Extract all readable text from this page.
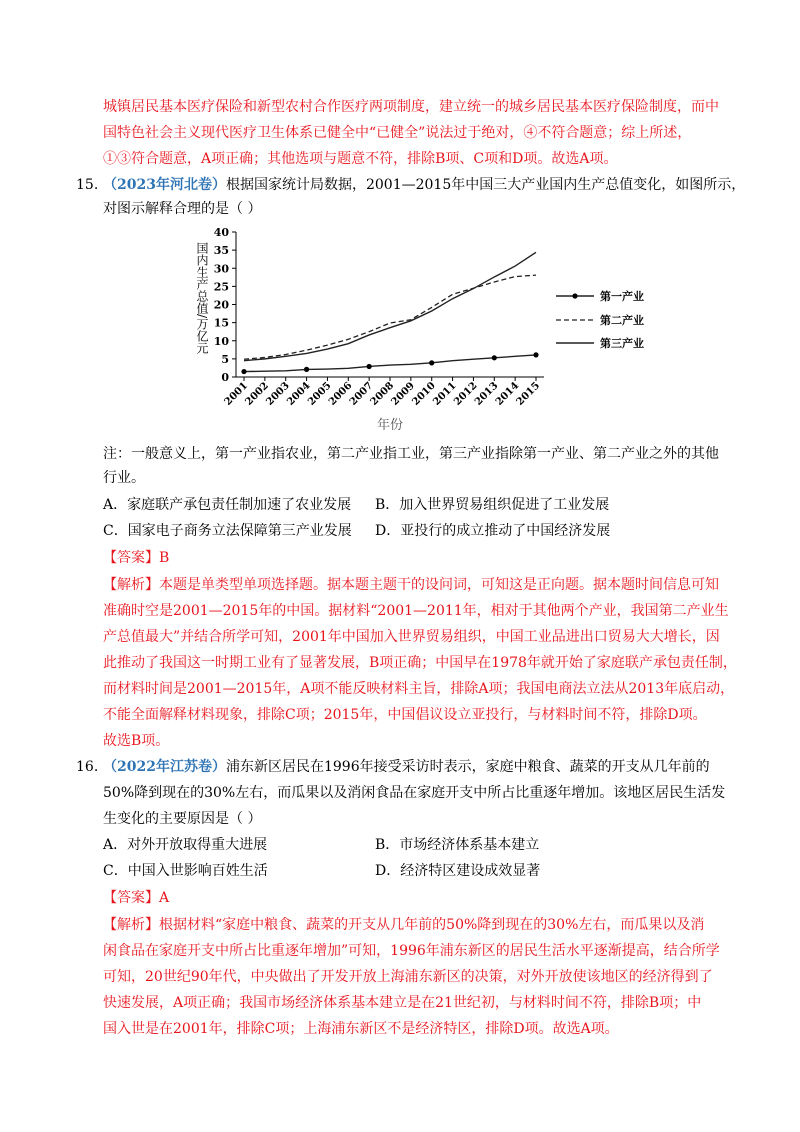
城镇居民基本医疗保险和新型农村合作医疗两项制度，建立统一的城乡居民基本医疗保险制度，而中
国特色社会主义现代医疗卫生体系已健全中“已健全”说法过于绝对，④不符合题意；综上所述，
①③符合题意，A项正确；其他选项与题意不符，排除B项、C项和D项。故选A项。
15. （2023年河北卷）根据国家统计局数据，2001—2015年中国三大产业国内生产总值变化，如图所示，
对图示解释合理的是（ ）
0
5
10
15
20
25
30
35
40
2001
2002
2003
2004
2005
2006
2007
2008
2009
2010
2011
2012
2013
2014
2015
国内生产总值/万亿元
年份
第一产业
第二产业
第三产业
注：一般意义上，第一产业指农业，第二产业指工业，第三产业指除第一产业、第二产业之外的其他
行业。
A．家庭联产承包责任制加速了农业发展 B．加入世界贸易组织促进了工业发展
C．国家电子商务立法保障第三产业发展 D．亚投行的成立推动了中国经济发展
【答案】B
【解析】本题是单类型单项选择题。据本题主题干的设问词，可知这是正向题。据本题时间信息可知
准确时空是2001—2015年的中国。据材料“2001—2011年，相对于其他两个产业，我国第二产业生
产总值最大”并结合所学可知，2001年中国加入世界贸易组织，中国工业品进出口贸易大大增长，因
此推动了我国这一时期工业有了显著发展，B项正确；中国早在1978年就开始了家庭联产承包责任制，
而材料时间是2001—2015年，A项不能反映材料主旨，排除A项；我国电商法立法从2013年底启动，
不能全面解释材料现象，排除C项；2015年，中国倡议设立亚投行，与材料时间不符，排除D项。
故选B项。
16. （2022年江苏卷）浦东新区居民在1996年接受采访时表示，家庭中粮食、蔬菜的开支从几年前的
50%降到现在的30%左右，而瓜果以及消闲食品在家庭开支中所占比重逐年增加。该地区居民生活发
生变化的主要原因是（ ）
A．对外开放取得重大进展	B．市场经济体系基本建立
C．中国入世影响百姓生活	D．经济特区建设成效显著
【答案】A
【解析】根据材料“家庭中粮食、蔬菜的开支从几年前的50%降到现在的30%左右，而瓜果以及消
闲食品在家庭开支中所占比重逐年增加”可知，1996年浦东新区的居民生活水平逐渐提高，结合所学
可知，20世纪90年代，中央做出了开发开放上海浦东新区的决策，对外开放使该地区的经济得到了
快速发展，A项正确；我国市场经济体系基本建立是在21世纪初，与材料时间不符，排除B项；中
国入世是在2001年，排除C项；上海浦东新区不是经济特区，排除D项。故选A项。
